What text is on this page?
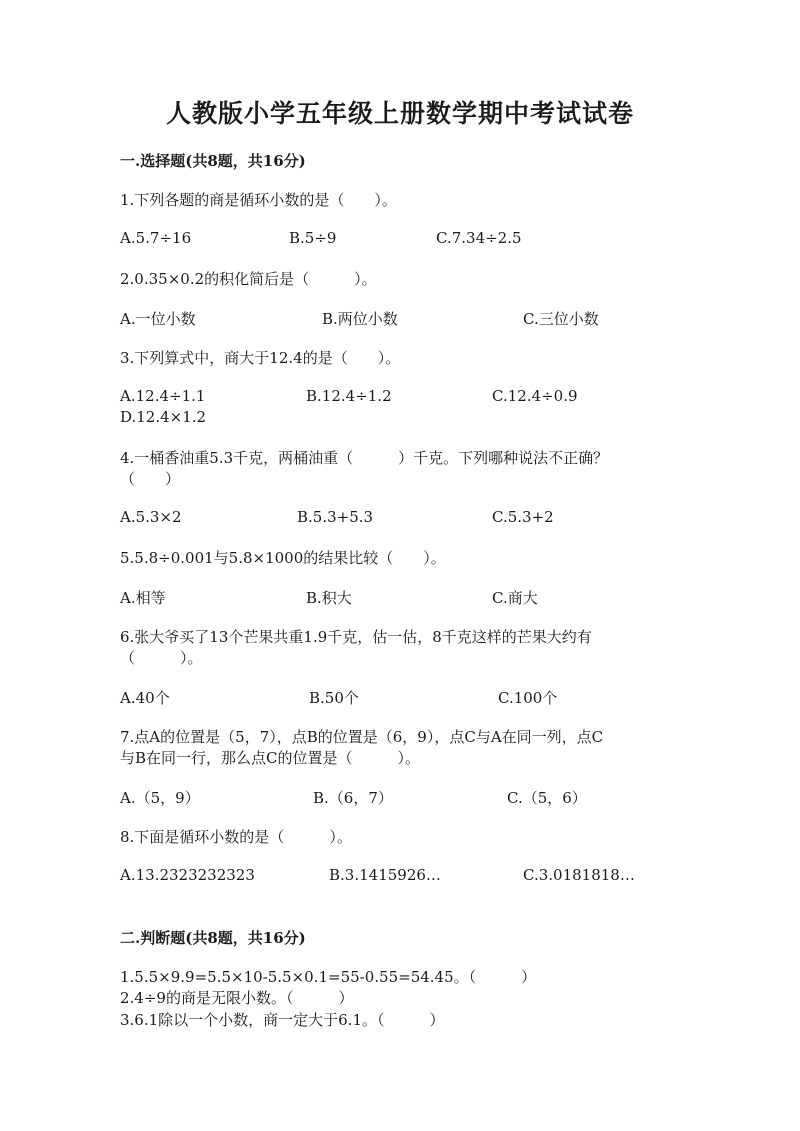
人教版小学五年级上册数学期中考试试卷
一.选择题(共8题，共16分)
1.下列各题的商是循环小数的是（　　）。
A.5.7÷16	B.5÷9	C.7.34÷2.5
2.0.35×0.2的积化简后是（　　　）。
A.一位小数	B.两位小数	C.三位小数
3.下列算式中，商大于12.4的是（　　）。
A.12.4÷1.1	B.12.4÷1.2	C.12.4÷0.9
D.12.4×1.2
4.一桶香油重5.3千克，两桶油重（　　　）千克。下列哪种说法不正确？
（　　）
A.5.3×2	B.5.3+5.3	C.5.3+2
5.5.8÷0.001与5.8×1000的结果比较（　　）。
A.相等	B.积大	C.商大
6.张大爷买了13个芒果共重1.9千克，估一估，8千克这样的芒果大约有
（　　　）。
A.40个	B.50个	C.100个
7.点A的位置是（5，7），点B的位置是（6，9），点C与A在同一列，点C
与B在同一行，那么点C的位置是（　　　）。
A.（5，9）	B.（6，7）	C.（5，6）
8.下面是循环小数的是（　　　）。
A.13.2323232323	B.3.1415926…	C.3.0181818…
二.判断题(共8题，共16分)
1.5.5×9.9=5.5×10-5.5×0.1=55-0.55=54.45。（　　　）
2.4÷9的商是无限小数。（　　　）
3.6.1除以一个小数，商一定大于6.1。（　　　）
